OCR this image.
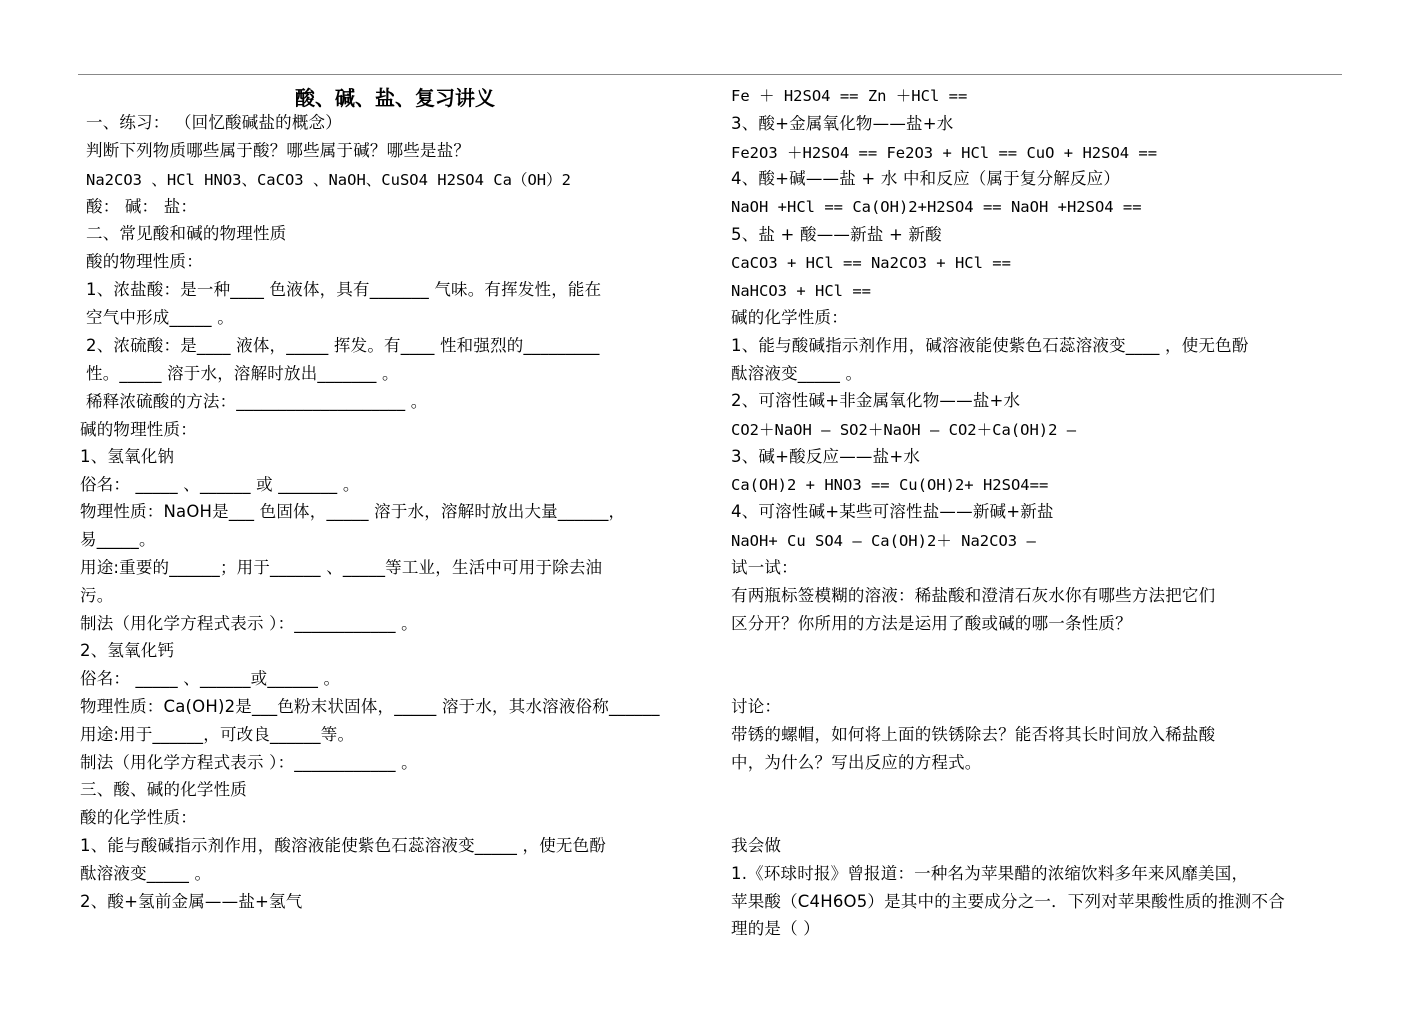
酸、碱、盐、复习讲义
一、练习： （回忆酸碱盐的概念）
判断下列物质哪些属于酸？哪些属于碱？哪些是盐？
Na2CO3 、HCl HNO3、CaCO3 、NaOH、CuSO4 H2SO4 Ca（OH）2
酸： 碱： 盐：
二、常见酸和碱的物理性质
酸的物理性质：
1、浓盐酸：是一种____ 色液体，具有_______ 气味。有挥发性，能在
空气中形成_____ 。
2、浓硫酸：是____ 液体，_____ 挥发。有____ 性和强烈的_________
性。_____ 溶于水，溶解时放出_______ 。
稀释浓硫酸的方法：____________________ 。
碱的物理性质：
1、氢氧化钠
俗名： _____ 、______ 或 _______ 。
物理性质：NaOH是___ 色固体，_____ 溶于水，溶解时放出大量______，
易_____。
用途:重要的______；用于______ 、_____等工业，生活中可用于除去油
污。
制法（用化学方程式表示 ）：____________ 。
2、氢氧化钙
俗名： _____ 、______或______ 。
物理性质：Ca(OH)2是___色粉末状固体，_____ 溶于水，其水溶液俗称______
用途:用于______，可改良______等。
制法（用化学方程式表示 ）：____________ 。
三、酸、碱的化学性质
酸的化学性质：
1、能与酸碱指示剂作用，酸溶液能使紫色石蕊溶液变_____ ，使无色酚
酞溶液变_____ 。
2、酸+氢前金属——盐+氢气
Fe ＋ H2SO4 == Zn ＋HCl ==
3、酸+金属氧化物——盐+水
Fe2O3 ＋H2SO4 == Fe2O3 + HCl == CuO + H2SO4 ==
4、酸+碱——盐 + 水 中和反应（属于复分解反应）
NaOH +HCl == Ca(OH)2+H2SO4 == NaOH +H2SO4 ==
5、盐 + 酸——新盐 + 新酸
CaCO3 + HCl == Na2CO3 + HCl ==
NaHCO3 + HCl ==
碱的化学性质：
1、能与酸碱指示剂作用，碱溶液能使紫色石蕊溶液变____ ，使无色酚
酞溶液变_____ 。
2、可溶性碱+非金属氧化物——盐+水
CO2＋NaOH — SO2＋NaOH — CO2＋Ca(OH)2 —
3、碱+酸反应——盐+水
Ca(OH)2 + HNO3 == Cu(OH)2+ H2SO4==
4、可溶性碱+某些可溶性盐——新碱+新盐
NaOH+ Cu SO4 — Ca(OH)2＋ Na2CO3 —
试一试：
有两瓶标签模糊的溶液：稀盐酸和澄清石灰水你有哪些方法把它们
区分开？你所用的方法是运用了酸或碱的哪一条性质？
讨论：
带锈的螺帽，如何将上面的铁锈除去？能否将其长时间放入稀盐酸
中，为什么？写出反应的方程式。
我会做
1.《环球时报》曾报道：一种名为苹果醋的浓缩饮料多年来风靡美国，
苹果酸（C4H6O5）是其中的主要成分之一．下列对苹果酸性质的推测不合
理的是（ ）
